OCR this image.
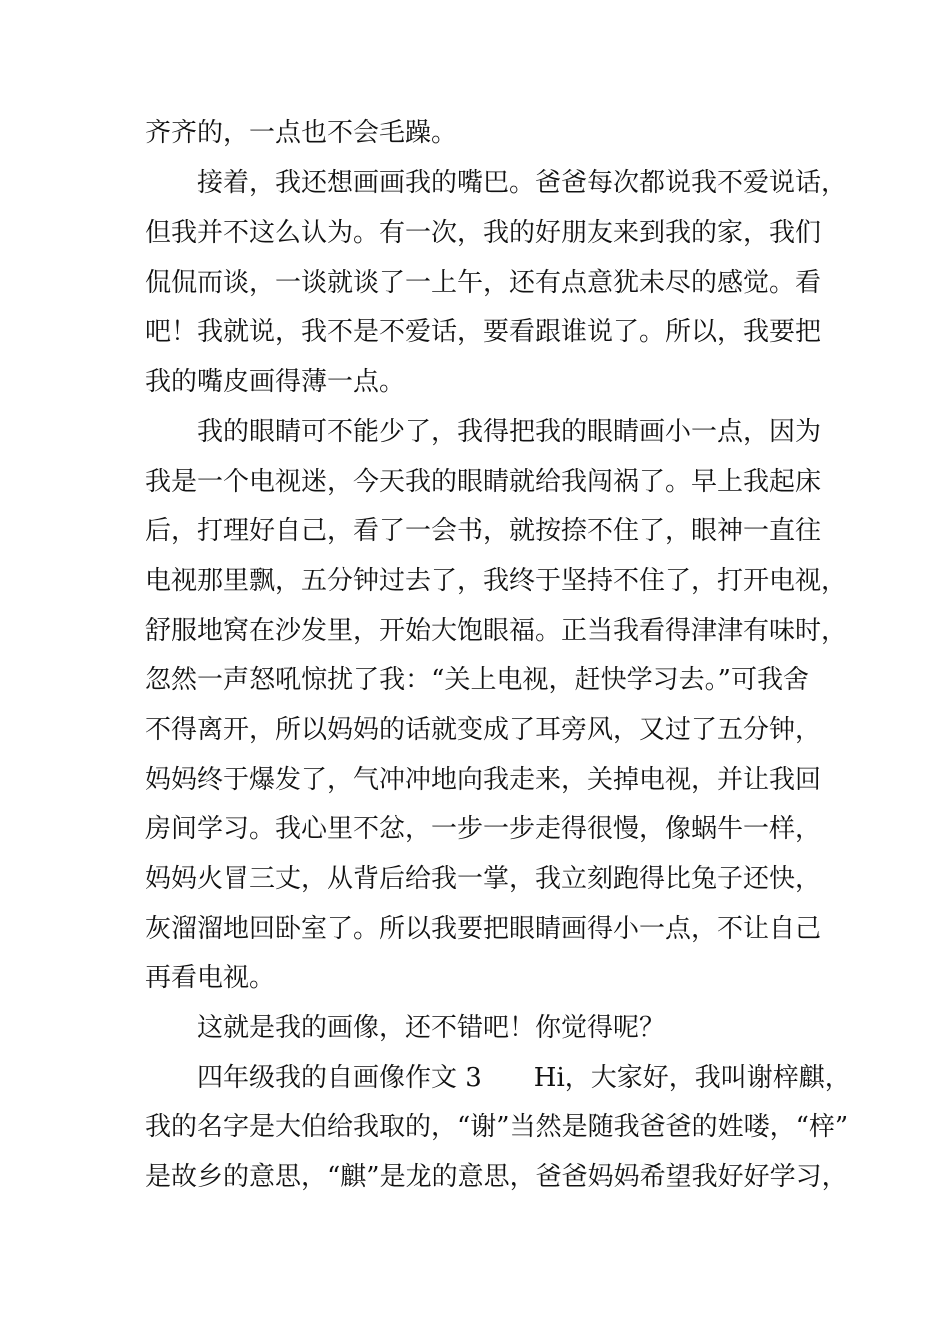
齐齐的，一点也不会毛躁。
接着，我还想画画我的嘴巴。爸爸每次都说我不爱说话，
但我并不这么认为。有一次，我的好朋友来到我的家，我们
侃侃而谈，一谈就谈了一上午，还有点意犹未尽的感觉。看
吧！我就说，我不是不爱话，要看跟谁说了。所以，我要把
我的嘴皮画得薄一点。
我的眼睛可不能少了，我得把我的眼睛画小一点，因为
我是一个电视迷，今天我的眼睛就给我闯祸了。早上我起床
后，打理好自己，看了一会书，就按捺不住了，眼神一直往
电视那里飘，五分钟过去了，我终于坚持不住了，打开电视，
舒服地窝在沙发里，开始大饱眼福。正当我看得津津有味时，
忽然一声怒吼惊扰了我：“关上电视，赶快学习去。”可我舍
不得离开，所以妈妈的话就变成了耳旁风，又过了五分钟，
妈妈终于爆发了，气冲冲地向我走来，关掉电视，并让我回
房间学习。我心里不忿，一步一步走得很慢，像蜗牛一样，
妈妈火冒三丈，从背后给我一掌，我立刻跑得比兔子还快，
灰溜溜地回卧室了。所以我要把眼睛画得小一点，不让自己
再看电视。
这就是我的画像，还不错吧！你觉得呢？
四年级我的自画像作文 3　　Hi，大家好，我叫谢梓麒，
我的名字是大伯给我取的，“谢”当然是随我爸爸的姓喽，“梓”
是故乡的意思，“麒”是龙的意思，爸爸妈妈希望我好好学习，
